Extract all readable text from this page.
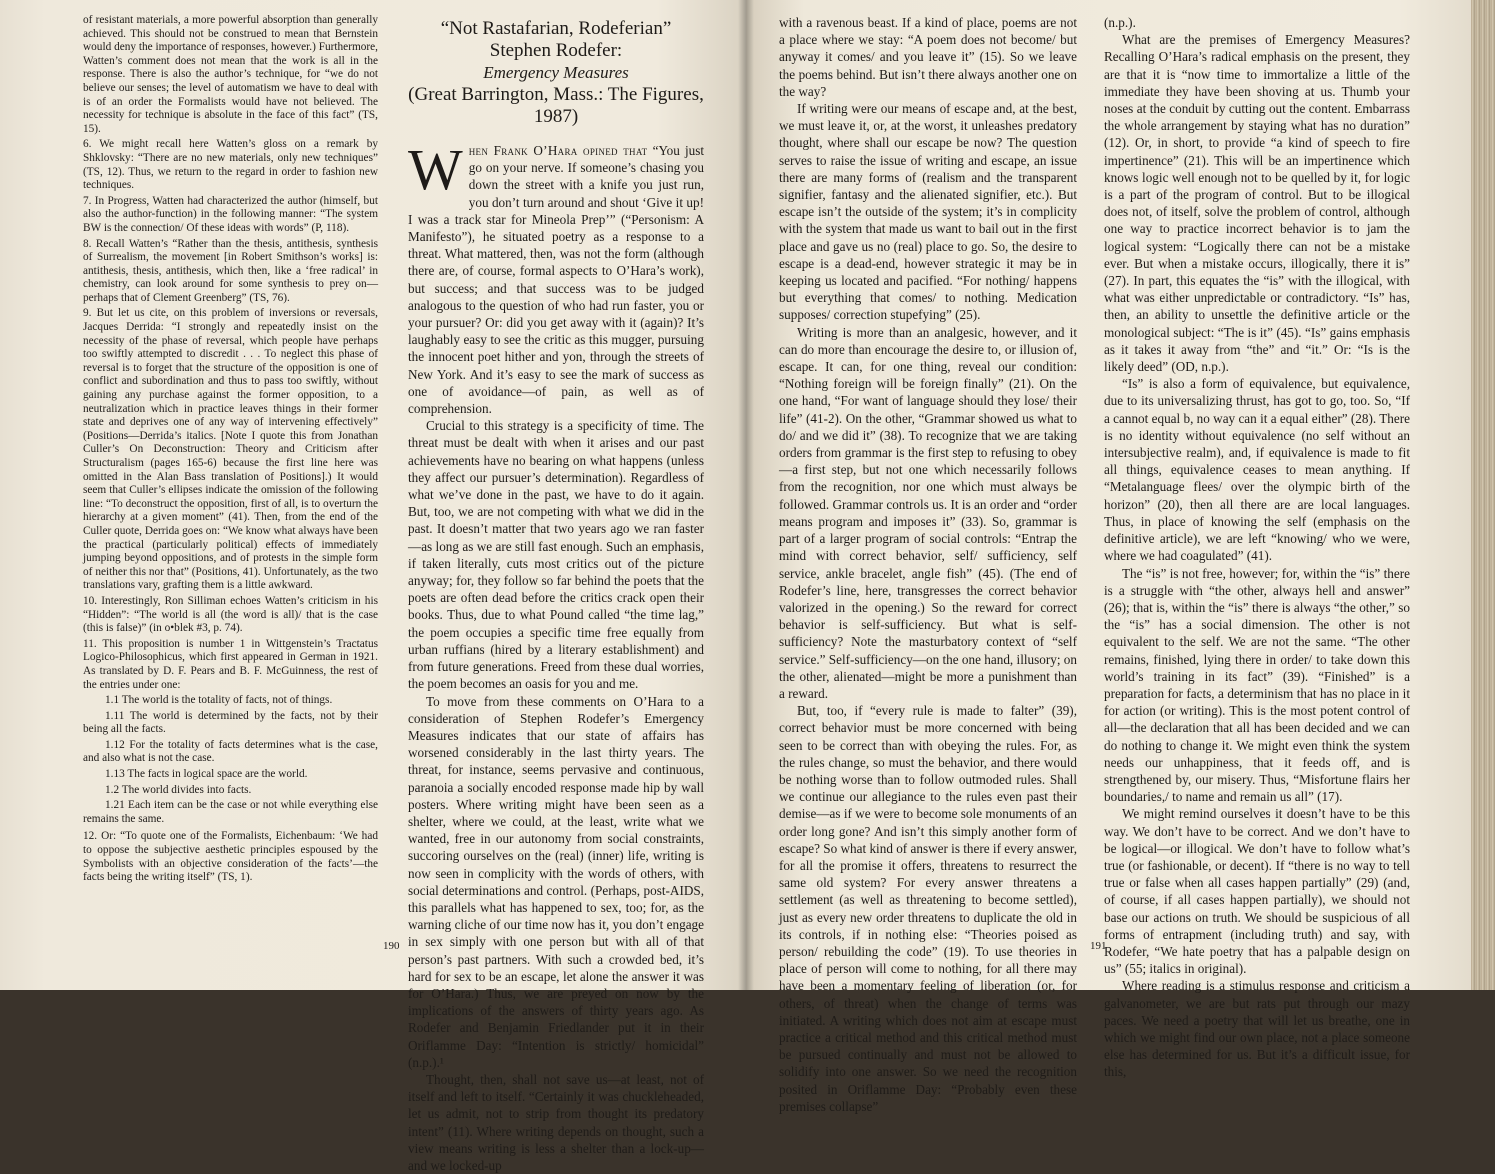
of resistant materials, a more powerful absorption than generally achieved. This should not be construed to mean that Bernstein would deny the importance of responses, however.) Furthermore, Watten’s comment does not mean that the work is all in the response. There is also the author’s technique, for “we do not believe our senses; the level of automatism we have to deal with is of an order the Formalists would have not believed. The necessity for technique is absolute in the face of this fact” (TS, 15).

6. We might recall here Watten’s gloss on a remark by Shklovsky: “There are no new materials, only new techniques” (TS, 12). Thus, we return to the regard in order to fashion new techniques.

7. In Progress, Watten had characterized the author (himself, but also the author-function) in the following manner: “The system BW is the connection/ Of these ideas with words” (P, 118).

8. Recall Watten’s “Rather than the thesis, antithesis, synthesis of Surrealism, the movement [in Robert Smithson’s works] is: antithesis, thesis, antithesis, which then, like a ‘free radical’ in chemistry, can look around for some synthesis to prey on—perhaps that of Clement Greenberg” (TS, 76).

9. But let us cite, on this problem of inversions or reversals, Jacques Derrida: “I strongly and repeatedly insist on the necessity of the phase of reversal, which people have perhaps too swiftly attempted to discredit . . . To neglect this phase of reversal is to forget that the structure of the opposition is one of conflict and subordination and thus to pass too swiftly, without gaining any purchase against the former opposition, to a neutralization which in practice leaves things in their former state and deprives one of any way of intervening effectively” (Positions—Derrida’s italics. [Note I quote this from Jonathan Culler’s On Deconstruction: Theory and Criticism after Structuralism (pages 165-6) because the first line here was omitted in the Alan Bass translation of Positions].) It would seem that Culler’s ellipses indicate the omission of the following line: “To deconstruct the opposition, first of all, is to overturn the hierarchy at a given moment” (41). Then, from the end of the Culler quote, Derrida goes on: “We know what always have been the practical (particularly political) effects of immediately jumping beyond oppositions, and of protests in the simple form of neither this nor that” (Positions, 41). Unfortunately, as the two translations vary, grafting them is a little awkward.

10. Interestingly, Ron Silliman echoes Watten’s criticism in his “Hidden”: “The world is all (the word is all)/ that is the case (this is false)” (in o•blek #3, p. 74).

11. This proposition is number 1 in Wittgenstein’s Tractatus Logico-Philosophicus, which first appeared in German in 1921. As translated by D. F. Pears and B. F. McGuinness, the rest of the entries under one:

1.1 The world is the totality of facts, not of things.
1.11 The world is determined by the facts, not by their being all the facts.
1.12 For the totality of facts determines what is the case, and also what is not the case.
1.13 The facts in logical space are the world.
1.2 The world divides into facts.
1.21 Each item can be the case or not while everything else remains the same.

12. Or: “To quote one of the Formalists, Eichenbaum: ‘We had to oppose the subjective aesthetic principles espoused by the Symbolists with an objective consideration of the facts’—the facts being the writing itself” (TS, 1).

“Not Rastafarian, Rodeferian”
Stephen Rodefer:
Emergency Measures
(Great Barrington, Mass.: The Figures, 1987)

When Frank O’Hara opined that “You just go on your nerve. If someone’s chasing you down the street with a knife you just run, you don’t turn around and shout ‘Give it up! I was a track star for Mineola Prep’” (“Personism: A Manifesto”), he situated poetry as a response to a threat. What mattered, then, was not the form (although there are, of course, formal aspects to O’Hara’s work), but success; and that success was to be judged analogous to the question of who had run faster, you or your pursuer? Or: did you get away with it (again)? It’s laughably easy to see the critic as this mugger, pursuing the innocent poet hither and yon, through the streets of New York. And it’s easy to see the mark of success as one of avoidance—of pain, as well as of comprehension.

Crucial to this strategy is a specificity of time. The threat must be dealt with when it arises and our past achievements have no bearing on what happens (unless they affect our pursuer’s determination). Regardless of what we’ve done in the past, we have to do it again. But, too, we are not competing with what we did in the past. It doesn’t matter that two years ago we ran faster—as long as we are still fast enough. Such an emphasis, if taken literally, cuts most critics out of the picture anyway; for, they follow so far behind the poets that the poets are often dead before the critics crack open their books. Thus, due to what Pound called “the time lag,” the poem occupies a specific time free equally from urban ruffians (hired by a literary establishment) and from future generations. Freed from these dual worries, the poem becomes an oasis for you and me.

To move from these comments on O’Hara to a consideration of Stephen Rodefer’s Emergency Measures indicates that our state of affairs has worsened considerably in the last thirty years. The threat, for instance, seems pervasive and continuous, paranoia a socially encoded response made hip by wall posters. Where writing might have been seen as a shelter, where we could, at the least, write what we wanted, free in our autonomy from social constraints, succoring ourselves on the (real) (inner) life, writing is now seen in complicity with the words of others, with social determinations and control. (Perhaps, post-AIDS, this parallels what has happened to sex, too; for, as the warning cliche of our time now has it, you don’t engage in sex simply with one person but with all of that person’s past partners. With such a crowded bed, it’s hard for sex to be an escape, let alone the answer it was for O’Hara.) Thus, we are preyed on now by the implications of the answers of thirty years ago. As Rodefer and Benjamin Friedlander put it in their Oriflamme Day: “Intention is strictly/ homicidal” (n.p.).¹

Thought, then, shall not save us—at least, not of itself and left to itself. “Certainly it was chuckleheaded, let us admit, not to strip from thought its predatory intent” (11). Where writing depends on thought, such a view means writing is less a shelter than a lock-up—and we locked-up

190

with a ravenous beast. If a kind of place, poems are not a place where we stay: “A poem does not become/ but anyway it comes/ and you leave it” (15). So we leave the poems behind. But isn’t there always another one on the way?

If writing were our means of escape and, at the best, we must leave it, or, at the worst, it unleashes predatory thought, where shall our escape be now? The question serves to raise the issue of writing and escape, an issue there are many forms of (realism and the transparent signifier, fantasy and the alienated signifier, etc.). But escape isn’t the outside of the system; it’s in complicity with the system that made us want to bail out in the first place and gave us no (real) place to go. So, the desire to escape is a dead-end, however strategic it may be in keeping us located and pacified. “For nothing/ happens but everything that comes/ to nothing. Medication supposes/ correction stupefying” (25).

Writing is more than an analgesic, however, and it can do more than encourage the desire to, or illusion of, escape. It can, for one thing, reveal our condition: “Nothing foreign will be foreign finally” (21). On the one hand, “For want of language should they lose/ their life” (41-2). On the other, “Grammar showed us what to do/ and we did it” (38). To recognize that we are taking orders from grammar is the first step to refusing to obey—a first step, but not one which necessarily follows from the recognition, nor one which must always be followed. Grammar controls us. It is an order and “order means program and imposes it” (33). So, grammar is part of a larger program of social controls: “Entrap the mind with correct behavior, self/ sufficiency, self service, ankle bracelet, angle fish” (45). (The end of Rodefer’s line, here, transgresses the correct behavior valorized in the opening.) So the reward for correct behavior is self-sufficiency. But what is self-sufficiency? Note the masturbatory context of “self service.” Self-sufficiency—on the one hand, illusory; on the other, alienated—might be more a punishment than a reward.

But, too, if “every rule is made to falter” (39), correct behavior must be more concerned with being seen to be correct than with obeying the rules. For, as the rules change, so must the behavior, and there would be nothing worse than to follow outmoded rules. Shall we continue our allegiance to the rules even past their demise—as if we were to become sole monuments of an order long gone? And isn’t this simply another form of escape? So what kind of answer is there if every answer, for all the promise it offers, threatens to resurrect the same old system? For every answer threatens a settlement (as well as threatening to become settled), just as every new order threatens to duplicate the old in its controls, if in nothing else: “Theories poised as person/ rebuilding the code” (19). To use theories in place of person will come to nothing, for all there may have been a momentary feeling of liberation (or, for others, of threat) when the change of terms was initiated. A writing which does not aim at escape must practice a critical method and this critical method must be pursued continually and must not be allowed to solidify into one answer. So we need the recognition posited in Oriflamme Day: “Probably even these premises collapse”

(n.p.).

What are the premises of Emergency Measures? Recalling O’Hara’s radical emphasis on the present, they are that it is “now time to immortalize a little of the immediate they have been shoving at us. Thumb your noses at the conduit by cutting out the content. Embarrass the whole arrangement by staying what has no duration” (12). Or, in short, to provide “a kind of speech to fire impertinence” (21). This will be an impertinence which knows logic well enough not to be quelled by it, for logic is a part of the program of control. But to be illogical does not, of itself, solve the problem of control, although one way to practice incorrect behavior is to jam the logical system: “Logically there can not be a mistake ever. But when a mistake occurs, illogically, there it is” (27). In part, this equates the “is” with the illogical, with what was either unpredictable or contradictory. “Is” has, then, an ability to unsettle the definitive article or the monological subject: “The is it” (45). “Is” gains emphasis as it takes it away from “the” and “it.” Or: “Is is the likely deed” (OD, n.p.).

“Is” is also a form of equivalence, but equivalence, due to its universalizing thrust, has got to go, too. So, “If a cannot equal b, no way can it a equal either” (28). There is no identity without equivalence (no self without an intersubjective realm), and, if equivalence is made to fit all things, equivalence ceases to mean anything. If “Metalanguage flees/ over the olympic birth of the horizon” (20), then all there are are local languages. Thus, in place of knowing the self (emphasis on the definitive article), we are left “knowing/ who we were, where we had coagulated” (41).

The “is” is not free, however; for, within the “is” there is a struggle with “the other, always hell and answer” (26); that is, within the “is” there is always “the other,” so the “is” has a social dimension. The other is not equivalent to the self. We are not the same. “The other remains, finished, lying there in order/ to take down this world’s training in its fact” (39). “Finished” is a preparation for facts, a determinism that has no place in it for action (or writing). This is the most potent control of all—the declaration that all has been decided and we can do nothing to change it. We might even think the system needs our unhappiness, that it feeds off, and is strengthened by, our misery. Thus, “Misfortune flairs her boundaries,/ to name and remain us all” (17).

We might remind ourselves it doesn’t have to be this way. We don’t have to be correct. And we don’t have to be logical—or illogical. We don’t have to follow what’s true (or fashionable, or decent). If “there is no way to tell true or false when all cases happen partially” (29) (and, of course, if all cases happen partially), we should not base our actions on truth. We should be suspicious of all forms of entrapment (including truth) and say, with Rodefer, “We hate poetry that has a palpable design on us” (55; italics in original).

Where reading is a stimulus response and criticism a galvanometer, we are but rats put through our mazy paces. We need a poetry that will let us breathe, one in which we might find our own place, not a place someone else has determined for us. But it’s a difficult issue, for this,

191
